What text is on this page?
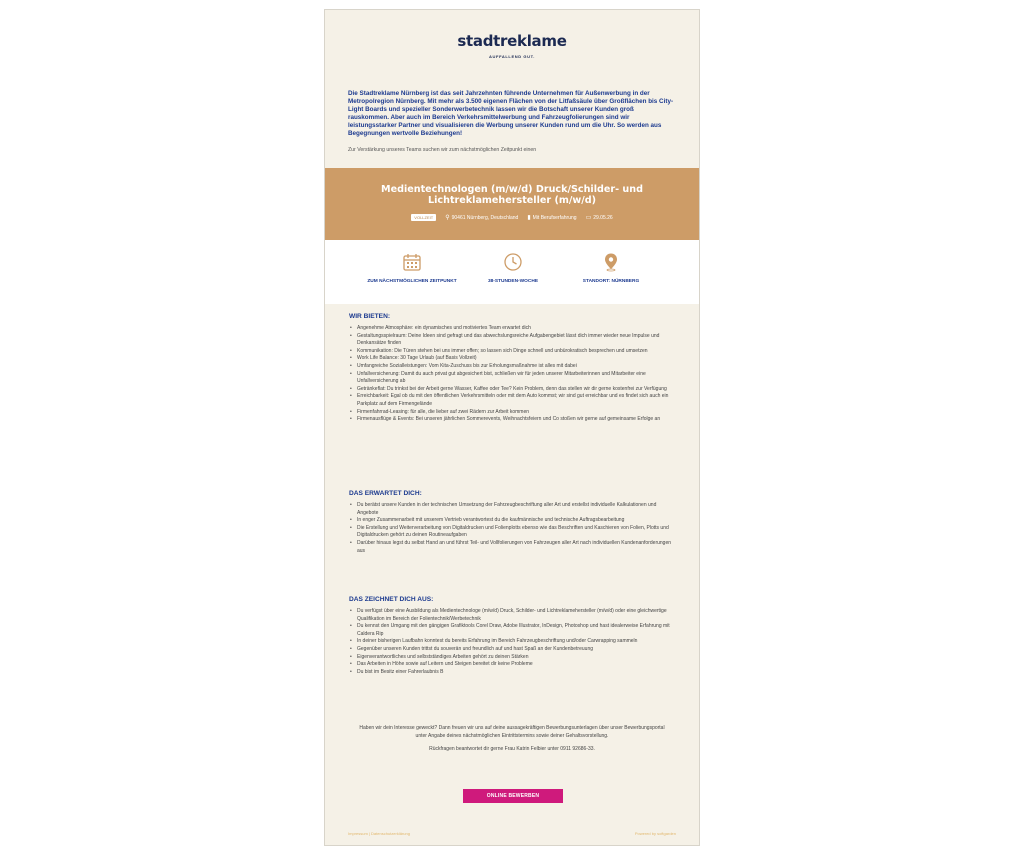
stadtreklame
AUFFALLEND GUT.
Die Stadtreklame Nürnberg ist das seit Jahrzehnten führende Unternehmen für Außenwerbung in der Metropolregion Nürnberg. Mit mehr als 3.500 eigenen Flächen von der Litfaßsäule über Großflächen bis City-Light Boards und spezieller Sonderwerbetechnik lassen wir die Botschaft unserer Kunden groß rauskommen. Aber auch im Bereich Verkehrsmittelwerbung und Fahrzeugfolierungen sind wir leistungsstarker Partner und visualisieren die Werbung unserer Kunden rund um die Uhr. So werden aus Begegnungen wertvolle Beziehungen!
Zur Verstärkung unseres Teams suchen wir zum nächstmöglichen Zeitpunkt einen
Medientechnologen (m/w/d) Druck/Schilder- und Lichtreklamehersteller (m/w/d)
VOLLZEIT	⚲ 90461 Nürnberg, Deutschland ▮ Mit Berufserfahrung ▭ 29.05.26
ZUM NÄCHSTMÖGLICHEN ZEITPUNKT	38-STUNDEN-WOCHE	STANDORT: NÜRNBERG
WIR BIETEN:
• Angenehme Atmosphäre: ein dynamisches und motiviertes Team erwartet dich
• Gestaltungsspielraum: Deine Ideen sind gefragt und das abwechslungsreiche Aufgabengebiet lässt dich immer wieder neue Impulse und Denkansätze finden
• Kommunikation: Die Türen stehen bei uns immer offen; so lassen sich Dinge schnell und unbürokratisch besprechen und umsetzen
• Work Life Balance: 30 Tage Urlaub (auf Basis Vollzeit)
• Umfangreiche Sozialleistungen: Vom Kita-Zuschuss bis zur Erholungsmaßnahme ist alles mit dabei
• Unfallversicherung: Damit du auch privat gut abgesichert bist, schließen wir für jeden unserer Mitarbeiterinnen und Mitarbeiter eine Unfallversicherung ab
• Getränkeflat: Du trinkst bei der Arbeit gerne Wasser, Kaffee oder Tee? Kein Problem, denn das stellen wir dir gerne kostenfrei zur Verfügung
• Erreichbarkeit: Egal ob du mit den öffentlichen Verkehrsmitteln oder mit dem Auto kommst; wir sind gut erreichbar und es findet sich auch ein Parkplatz auf dem Firmengelände
• Firmenfahrrad-Leasing: für alle, die lieber auf zwei Rädern zur Arbeit kommen
• Firmenausflüge & Events: Bei unseren jährlichen Sommerevents, Weihnachtsfeiern und Co stoßen wir gerne auf gemeinsame Erfolge an
DAS ERWARTET DICH:
• Du berätst unsere Kunden in der technischen Umsetzung der Fahrzeugbeschriftung aller Art und erstellst individuelle Kalkulationen und Angebote
• In enger Zusammenarbeit mit unserem Vertrieb verantwortest du die kaufmännische und technische Auftragsbearbeitung
• Die Erstellung und Weiterverarbeitung von Digitaldrucken und Folienplotts ebenso wie das Beschriften und Kaschieren von Folien, Plotts und Digitaldrucken gehört zu deinen Routineaufgaben
• Darüber hinaus legst du selbst Hand an und führst Teil- und Vollfolierungen von Fahrzeugen aller Art nach individuellen Kundenanforderungen aus
DAS ZEICHNET DICH AUS:
• Du verfügst über eine Ausbildung als Medientechnologe (m/w/d) Druck, Schilder- und Lichtreklamehersteller (m/w/d) oder eine gleichwertige Qualifikation im Bereich der Folientechnik/Werbetechnik
• Du kennst den Umgang mit den gängigen Grafiktools Corel Draw, Adobe Illustrator, InDesign, Photoshop und hast idealerweise Erfahrung mit Caldera Rip
• In deiner bisherigen Laufbahn konntest du bereits Erfahrung im Bereich Fahrzeugbeschriftung und/oder Carwrapping sammeln
• Gegenüber unseren Kunden trittst du souverän und freundlich auf und hast Spaß an der Kundenbetreuung
• Eigenverantwortliches und selbstständiges Arbeiten gehört zu deinen Stärken
• Das Arbeiten in Höhe sowie auf Leitern und Steigen bereitet dir keine Probleme
• Du bist im Besitz einer Fahrerlaubnis B
Haben wir dein Interesse geweckt? Dann freuen wir uns auf deine aussagekräftigen Bewerbungsunterlagen über unser Bewerbungsportal unter Angabe deines nächstmöglichen Eintrittstermins sowie deiner Gehaltsvorstellung.
Rückfragen beantwortet dir gerne Frau Katrin Felbier unter 0911 92686-33.
ONLINE BEWERBEN
Impressum | Datenschutzerklärung	Powered by softgarden
